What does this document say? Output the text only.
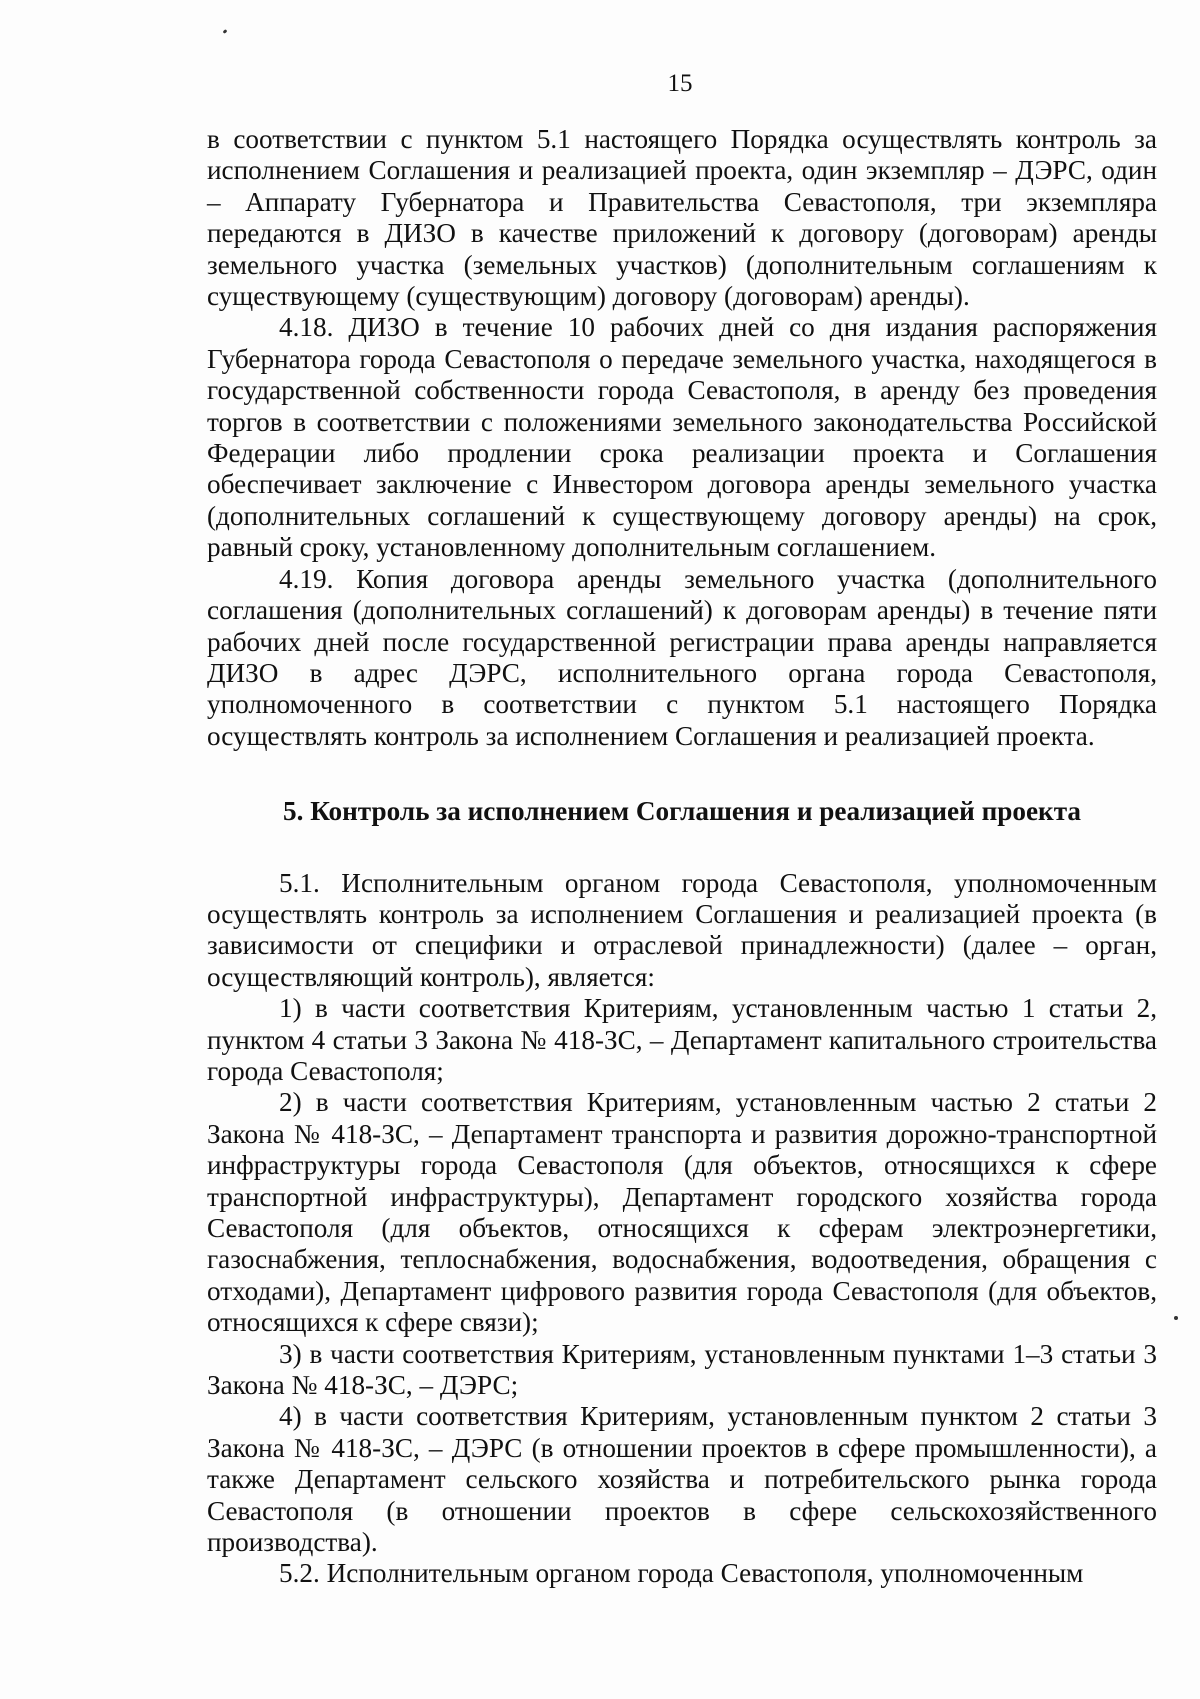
15

в соответствии с пунктом 5.1 настоящего Порядка осуществлять контроль за исполнением Соглашения и реализацией проекта, один экземпляр – ДЭРС, один – Аппарату Губернатора и Правительства Севастополя, три экземпляра передаются в ДИЗО в качестве приложений к договору (договорам) аренды земельного участка (земельных участков) (дополнительным соглашениям к существующему (существующим) договору (договорам) аренды).

4.18. ДИЗО в течение 10 рабочих дней со дня издания распоряжения Губернатора города Севастополя о передаче земельного участка, находящегося в государственной собственности города Севастополя, в аренду без проведения торгов в соответствии с положениями земельного законодательства Российской Федерации либо продлении срока реализации проекта и Соглашения обеспечивает заключение с Инвестором договора аренды земельного участка (дополнительных соглашений к существующему договору аренды) на срок, равный сроку, установленному дополнительным соглашением.

4.19. Копия договора аренды земельного участка (дополнительного соглашения (дополнительных соглашений) к договорам аренды) в течение пяти рабочих дней после государственной регистрации права аренды направляется ДИЗО в адрес ДЭРС, исполнительного органа города Севастополя, уполномоченного в соответствии с пунктом 5.1 настоящего Порядка осуществлять контроль за исполнением Соглашения и реализацией проекта.

5. Контроль за исполнением Соглашения и реализацией проекта

5.1. Исполнительным органом города Севастополя, уполномоченным осуществлять контроль за исполнением Соглашения и реализацией проекта (в зависимости от специфики и отраслевой принадлежности) (далее – орган, осуществляющий контроль), является:

1) в части соответствия Критериям, установленным частью 1 статьи 2, пунктом 4 статьи 3 Закона № 418-ЗС, – Департамент капитального строительства города Севастополя;

2) в части соответствия Критериям, установленным частью 2 статьи 2 Закона № 418-ЗС, – Департамент транспорта и развития дорожно-транспортной инфраструктуры города Севастополя (для объектов, относящихся к сфере транспортной инфраструктуры), Департамент городского хозяйства города Севастополя (для объектов, относящихся к сферам электроэнергетики, газоснабжения, теплоснабжения, водоснабжения, водоотведения, обращения с отходами), Департамент цифрового развития города Севастополя (для объектов, относящихся к сфере связи);

3) в части соответствия Критериям, установленным пунктами 1–3 статьи 3 Закона № 418-ЗС, – ДЭРС;

4) в части соответствия Критериям, установленным пунктом 2 статьи 3 Закона № 418-ЗС, – ДЭРС (в отношении проектов в сфере промышленности), а также Департамент сельского хозяйства и потребительского рынка города Севастополя (в отношении проектов в сфере сельскохозяйственного производства).

5.2. Исполнительным органом города Севастополя, уполномоченным
